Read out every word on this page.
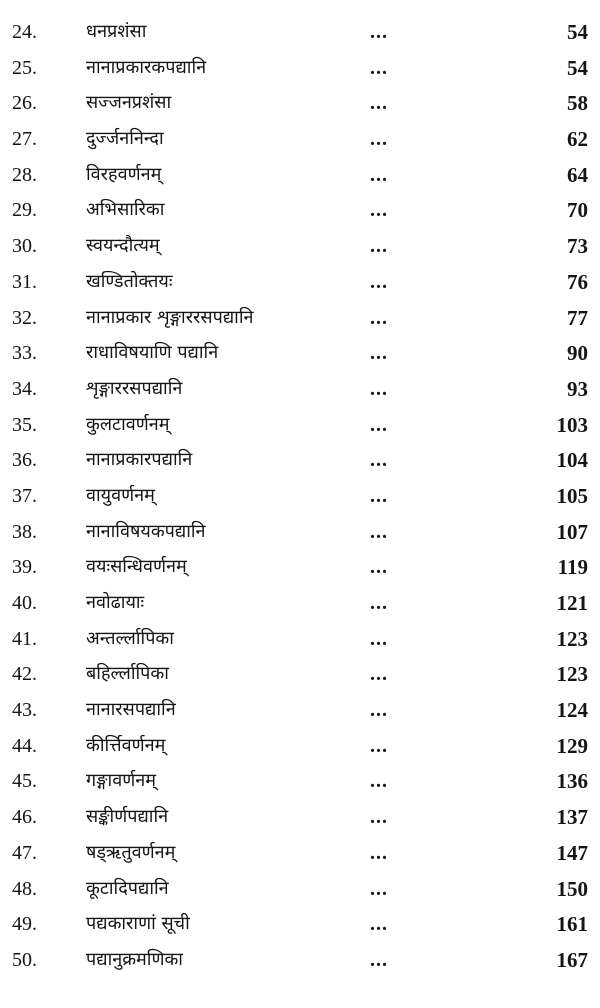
24.	धनप्रशंसा	...	54
25.	नानाप्रकारकपद्यानि	...	54
26.	सज्जनप्रशंसा	...	58
27.	दुर्ज्जननिन्दा	...	62
28.	विरहवर्णनम्	...	64
29.	अभिसारिका	...	70
30.	स्वयन्दौत्यम्	...	73
31.	खण्डितोक्तयः	...	76
32.	नानाप्रकार शृङ्गाररसपद्यानि	...	77
33.	राधाविषयाणि पद्यानि	...	90
34.	शृङ्गाररसपद्यानि	...	93
35.	कुलटावर्णनम्	...	103
36.	नानाप्रकारपद्यानि	...	104
37.	वायुवर्णनम्	...	105
38.	नानाविषयकपद्यानि	...	107
39.	वयःसन्धिवर्णनम्	...	119
40.	नवोढायाः	...	121
41.	अन्तर्ल्लापिका	...	123
42.	बहिर्ल्लापिका	...	123
43.	नानारसपद्यानि	...	124
44.	कीर्त्तिवर्णनम्	...	129
45.	गङ्गावर्णनम्	...	136
46.	सङ्कीर्णपद्यानि	...	137
47.	षड्ऋतुवर्णनम्	...	147
48.	कूटादिपद्यानि	...	150
49.	पद्यकाराणां सूची	...	161
50.	पद्यानुक्रमणिका	...	167
